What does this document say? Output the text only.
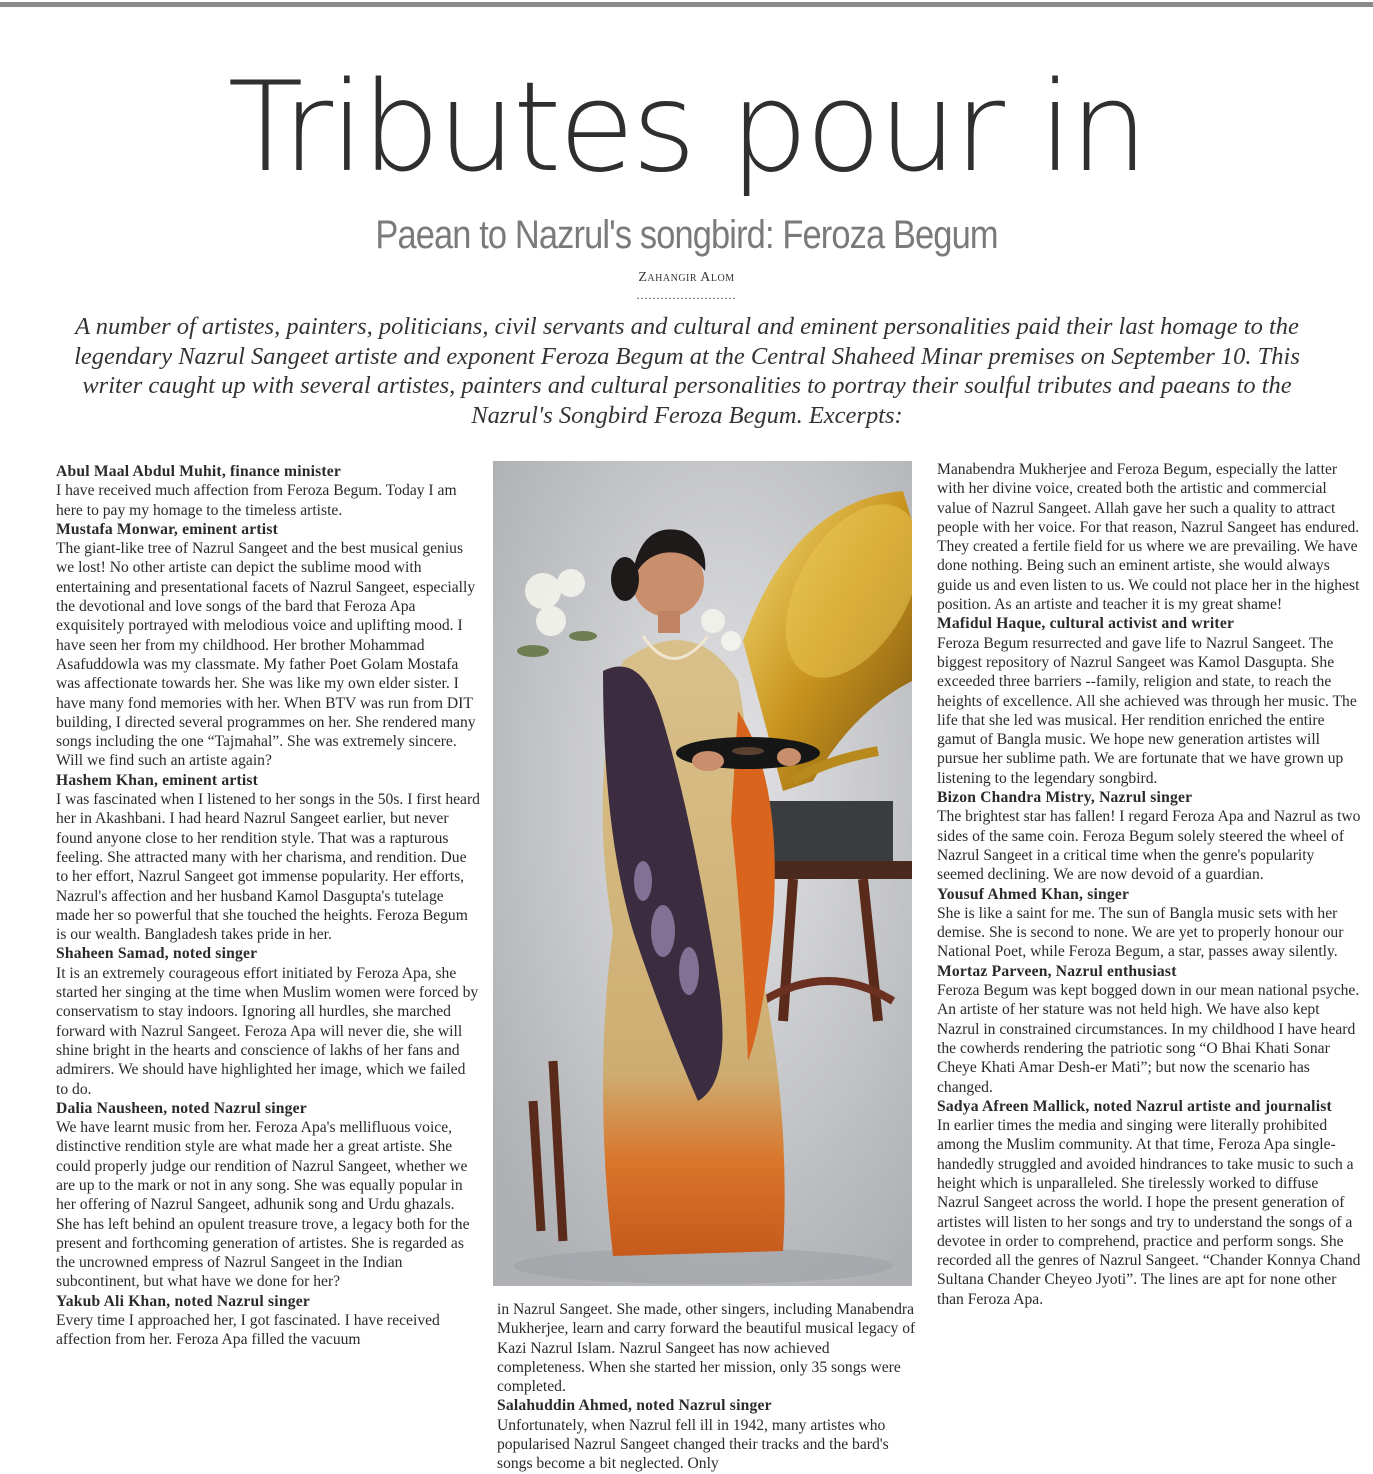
Tributes pour in
Paean to Nazrul's songbird: Feroza Begum
Zahangir Alom
.........................

A number of artistes, painters, politicians, civil servants and cultural and eminent personalities paid their last homage to the legendary Nazrul Sangeet artiste and exponent Feroza Begum at the Central Shaheed Minar premises on September 10. This writer caught up with several artistes, painters and cultural personalities to portray their soulful tributes and paeans to the Nazrul's Songbird Feroza Begum. Excerpts:

Abul Maal Abdul Muhit, finance minister

I have received much affection from Feroza Begum. Today I am here to pay my homage to the timeless artiste.

Mustafa Monwar, eminent artist

The giant-like tree of Nazrul Sangeet and the best musical genius we lost! No other artiste can depict the sublime mood with entertaining and presentational facets of Nazrul Sangeet, especially the devotional and love songs of the bard that Feroza Apa exquisitely portrayed with melodious voice and uplifting mood. I have seen her from my childhood. Her brother Mohammad Asafuddowla was my classmate. My father Poet Golam Mostafa was affectionate towards her. She was like my own elder sister. I have many fond memories with her. When BTV was run from DIT building, I directed several programmes on her. She rendered many songs including the one “Tajmahal”. She was extremely sincere. Will we find such an artiste again?

Hashem Khan, eminent artist

I was fascinated when I listened to her songs in the 50s. I first heard her in Akashbani. I had heard Nazrul Sangeet earlier, but never found anyone close to her rendition style. That was a rapturous feeling. She attracted many with her charisma, and rendition. Due to her effort, Nazrul Sangeet got immense popularity. Her efforts, Nazrul's affection and her husband Kamol Dasgupta's tutelage made her so powerful that she touched the heights. Feroza Begum is our wealth. Bangladesh takes pride in her.

Shaheen Samad, noted singer

It is an extremely courageous effort initiated by Feroza Apa, she started her singing at the time when Muslim women were forced by conservatism to stay indoors. Ignoring all hurdles, she marched forward with Nazrul Sangeet. Feroza Apa will never die, she will shine bright in the hearts and conscience of lakhs of her fans and admirers. We should have highlighted her image, which we failed to do.

Dalia Nausheen, noted Nazrul singer

We have learnt music from her. Feroza Apa's mellifluous voice, distinctive rendition style are what made her a great artiste. She could properly judge our rendition of Nazrul Sangeet, whether we are up to the mark or not in any song. She was equally popular in her offering of Nazrul Sangeet, adhunik song and Urdu ghazals. She has left behind an opulent treasure trove, a legacy both for the present and forthcoming generation of artistes. She is regarded as the uncrowned empress of Nazrul Sangeet in the Indian subcontinent, but what have we done for her?

Yakub Ali Khan, noted Nazrul singer

Every time I approached her, I got fascinated. I have received affection from her. Feroza Apa filled the vacuum

in Nazrul Sangeet. She made, other singers, including Manabendra Mukherjee, learn and carry forward the beautiful musical legacy of Kazi Nazrul Islam. Nazrul Sangeet has now achieved completeness. When she started her mission, only 35 songs were completed.

Salahuddin Ahmed, noted Nazrul singer

Unfortunately, when Nazrul fell ill in 1942, many artistes who popularised Nazrul Sangeet changed their tracks and the bard's songs become a bit neglected. Only

Manabendra Mukherjee and Feroza Begum, especially the latter with her divine voice, created both the artistic and commercial value of Nazrul Sangeet. Allah gave her such a quality to attract people with her voice. For that reason, Nazrul Sangeet has endured. They created a fertile field for us where we are prevailing. We have done nothing. Being such an eminent artiste, she would always guide us and even listen to us. We could not place her in the highest position. As an artiste and teacher it is my great shame!

Mafidul Haque, cultural activist and writer

Feroza Begum resurrected and gave life to Nazrul Sangeet. The biggest repository of Nazrul Sangeet was Kamol Dasgupta. She exceeded three barriers --family, religion and state, to reach the heights of excellence. All she achieved was through her music. The life that she led was musical. Her rendition enriched the entire gamut of Bangla music. We hope new generation artistes will pursue her sublime path. We are fortunate that we have grown up listening to the legendary songbird.

Bizon Chandra Mistry, Nazrul singer

The brightest star has fallen! I regard Feroza Apa and Nazrul as two sides of the same coin. Feroza Begum solely steered the wheel of Nazrul Sangeet in a critical time when the genre's popularity seemed declining. We are now devoid of a guardian.

Yousuf Ahmed Khan, singer

She is like a saint for me. The sun of Bangla music sets with her demise. She is second to none. We are yet to properly honour our National Poet, while Feroza Begum, a star, passes away silently.

Mortaz Parveen, Nazrul enthusiast

Feroza Begum was kept bogged down in our mean national psyche. An artiste of her stature was not held high. We have also kept Nazrul in constrained circumstances. In my childhood I have heard the cowherds rendering the patriotic song “O Bhai Khati Sonar Cheye Khati Amar Desh-er Mati”; but now the scenario has changed.

Sadya Afreen Mallick, noted Nazrul artiste and journalist

In earlier times the media and singing were literally prohibited among the Muslim community. At that time, Feroza Apa single-handedly struggled and avoided hindrances to take music to such a height which is unparalleled. She tirelessly worked to diffuse Nazrul Sangeet across the world. I hope the present generation of artistes will listen to her songs and try to understand the songs of a devotee in order to comprehend, practice and perform songs. She recorded all the genres of Nazrul Sangeet. “Chander Konnya Chand Sultana Chander Cheyeo Jyoti”. The lines are apt for none other than Feroza Apa.
